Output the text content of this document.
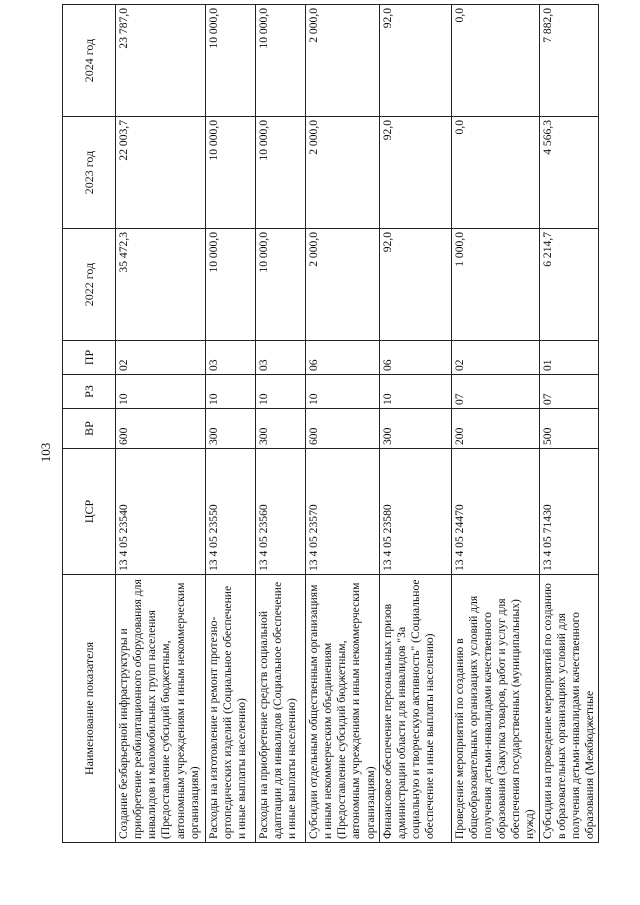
103
Наименование показателя	ЦСР	ВР	РЗ	ПР	2022 год	2023 год	2024 год
Создание безбарьерной инфраструктуры и приобретение реабилитационного оборудования для инвалидов и маломобильных групп населения (Предоставление субсидий бюджетным, автономным учреждениям и иным некоммерческим организациям)	13 4 05 23540	600	10	02	35 472,3	22 003,7	23 787,0
Расходы на изготовление и ремонт протезно-ортопедических изделий (Социальное обеспечение и иные выплаты населению)	13 4 05 23550	300	10	03	10 000,0	10 000,0	10 000,0
Расходы на приобретение средств социальной адаптации для инвалидов (Социальное обеспечение и иные выплаты населению)	13 4 05 23560	300	10	03	10 000,0	10 000,0	10 000,0
Субсидии отдельным общественным организациям и иным некоммерческим объединениям (Предоставление субсидий бюджетным, автономным учреждениям и иным некоммерческим организациям)	13 4 05 23570	600	10	06	2 000,0	2 000,0	2 000,0
Финансовое обеспечение персональных призов администрации области для инвалидов "За социальную и творческую активность" (Социальное обеспечение и иные выплаты населению)	13 4 05 23580	300	10	06	92,0	92,0	92,0
Проведение мероприятий по созданию в общеобразовательных организациях условий для получения детьми-инвалидами качественного образования (Закупка товаров, работ и услуг для обеспечения государственных (муниципальных) нужд)	13 4 05 24470	200	07	02	1 000,0	0,0	0,0
Субсидии на проведение мероприятий по созданию в образовательных организациях условий для получения детьми-инвалидами качественного образования (Межбюджетные	13 4 05 71430	500	07	01	6 214,7	4 566,3	7 882,0
